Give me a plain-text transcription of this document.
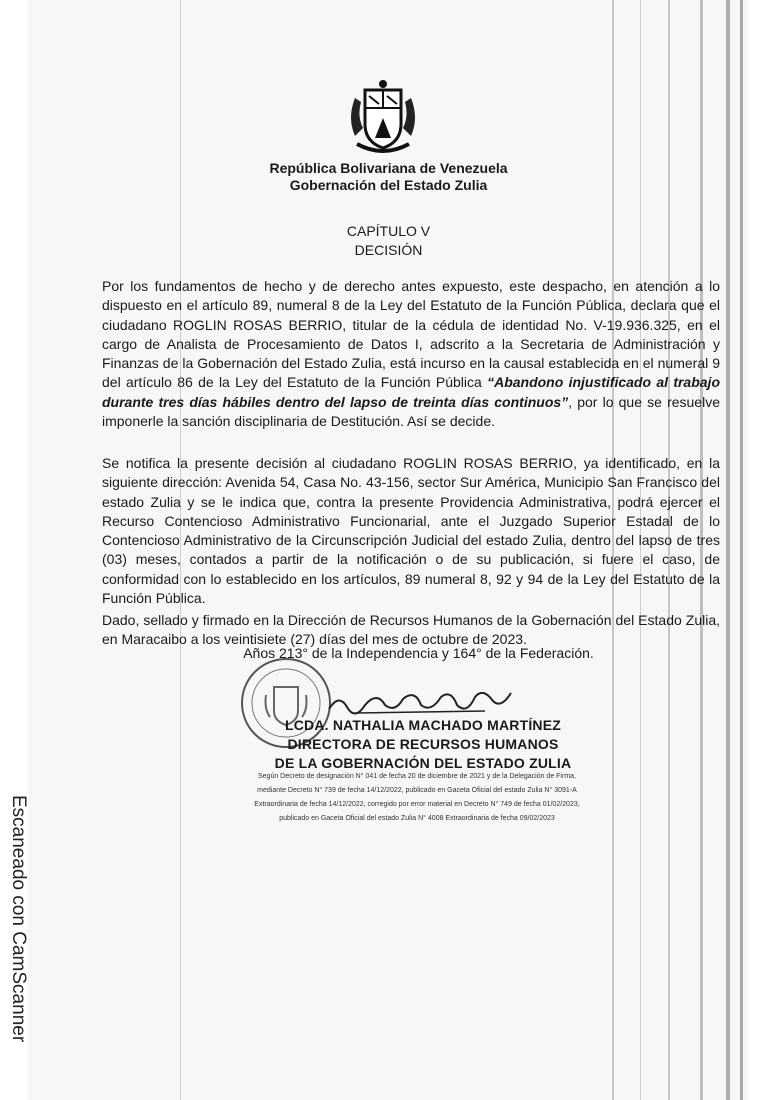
República Bolivariana de Venezuela
Gobernación del Estado Zulia
CAPÍTULO V
DECISIÓN
Por los fundamentos de hecho y de derecho antes expuesto, este despacho, en atención a lo dispuesto en el artículo 89, numeral 8 de la Ley del Estatuto de la Función Pública, declara que el ciudadano ROGLIN ROSAS BERRIO, titular de la cédula de identidad No. V-19.936.325, en el cargo de Analista de Procesamiento de Datos I, adscrito a la Secretaria de Administración y Finanzas de la Gobernación del Estado Zulia, está incurso en la causal establecida en el numeral 9 del artículo 86 de la Ley del Estatuto de la Función Pública “Abandono injustificado al trabajo durante tres días hábiles dentro del lapso de treinta días continuos”, por lo que se resuelve imponerle la sanción disciplinaria de Destitución. Así se decide.
Se notifica la presente decisión al ciudadano ROGLIN ROSAS BERRIO, ya identificado, en la siguiente dirección: Avenida 54, Casa No. 43-156, sector Sur América, Municipio San Francisco del estado Zulia y se le indica que, contra la presente Providencia Administrativa, podrá ejercer el Recurso Contencioso Administrativo Funcionarial, ante el Juzgado Superior Estadal de lo Contencioso Administrativo de la Circunscripción Judicial del estado Zulia, dentro del lapso de tres (03) meses, contados a partir de la notificación o de su publicación, si fuere el caso, de conformidad con lo establecido en los artículos, 89 numeral 8, 92 y 94 de la Ley del Estatuto de la Función Pública.
Dado, sellado y firmado en la Dirección de Recursos Humanos de la Gobernación del Estado Zulia, en Maracaibo a los veintisiete (27) días del mes de octubre de 2023.
Años 213° de la Independencia y 164° de la Federación.
LCDA. NATHALIA MACHADO MARTÍNEZ
DIRECTORA DE RECURSOS HUMANOS
DE LA GOBERNACIÓN DEL ESTADO ZULIA
Según Decreto de designación N° 041 de fecha 20 de diciembre de 2021 y de la Delegación de Firma,
mediante Decreto N° 739 de fecha 14/12/2022, publicado en Gaceta Oficial del estado Zulia N° 3091-A
Extraordinaria de fecha 14/12/2022, corregido por error material en Decreto N° 749 de fecha 01/02/2023,
publicado en Gaceta Oficial del estado Zulia N° 4008 Extraordinaria de fecha 09/02/2023
Escaneado con CamScanner
